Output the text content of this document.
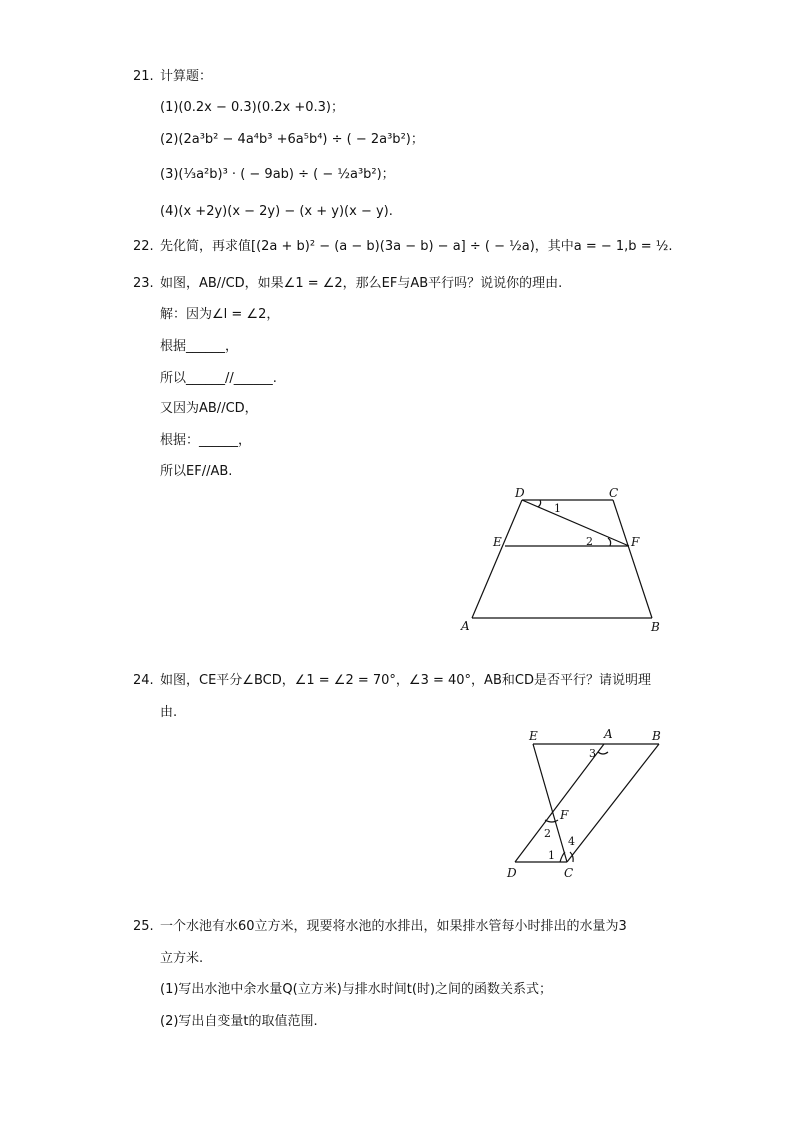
21. 计算题：
(1)(0.2x − 0.3)(0.2x +0.3)；
(2)(2a³b² − 4a⁴b³ +6a⁵b⁴) ÷ ( − 2a³b²)；
(3)(⅓a²b)³ · ( − 9ab) ÷ ( − ½a³b²)；
(4)(x +2y)(x − 2y) − (x + y)(x − y).
22. 先化简，再求值[(2a + b)² − (a − b)(3a − b) − a] ÷ ( − ½a)，其中a = − 1,b = ½.
23. 如图，AB//CD，如果∠1 = ∠2，那么EF与AB平行吗？说说你的理由.
解：因为∠l = ∠2，
根据______，
所以______//______.
又因为AB//CD，
根据：______，
所以EF//AB.
D	C
E	F
A	B
1
2
24. 如图，CE平分∠BCD，∠1 = ∠2 = 70°，∠3 = 40°，AB和CD是否平行？请说明理
由.
E	A	B
F
D	C
1
2
3
4
25. 一个水池有水60立方米，现要将水池的水排出，如果排水管每小时排出的水量为3
立方米.
(1)写出水池中余水量Q(立方米)与排水时间t(时)之间的函数关系式；
(2)写出自变量t的取值范围.
